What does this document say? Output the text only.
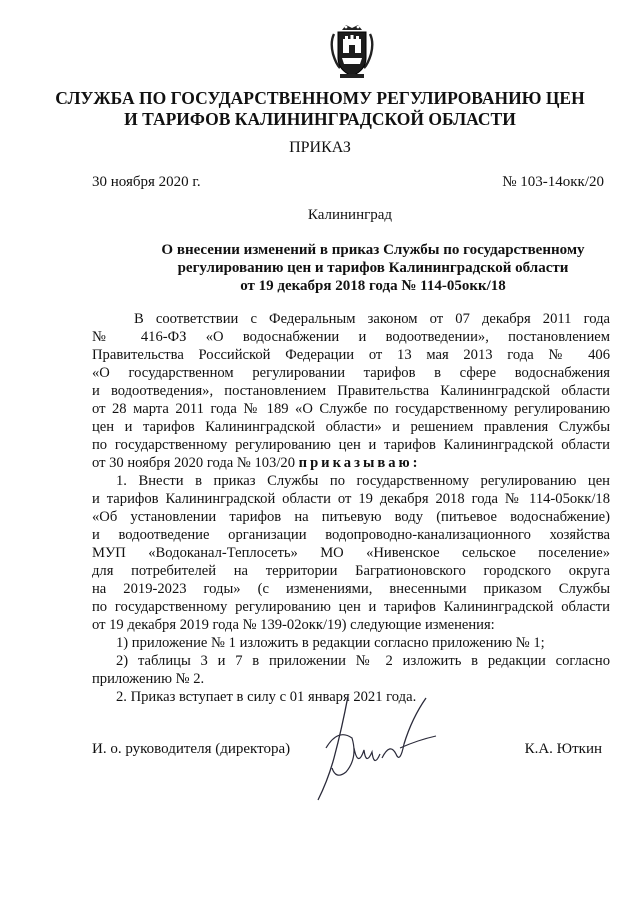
СЛУЖБА ПО ГОСУДАРСТВЕННОМУ РЕГУЛИРОВАНИЮ ЦЕН
И ТАРИФОВ КАЛИНИНГРАДСКОЙ ОБЛАСТИ
ПРИКАЗ
30 ноября 2020 г.	№ 103-14окк/20
Калининград
О внесении изменений в приказ Службы по государственному
регулированию цен и тарифов Калининградской области
от 19 декабря 2018 года № 114-05окк/18
В соответствии с Федеральным законом от 07 декабря 2011 года
№ 416-ФЗ «О водоснабжении и водоотведении», постановлением
Правительства Российской Федерации от 13 мая 2013 года № 406
«О государственном регулировании тарифов в сфере водоснабжения
и водоотведения», постановлением Правительства Калининградской области
от 28 марта 2011 года № 189 «О Службе по государственному регулированию
цен и тарифов Калининградской области» и решением правления Службы
по государственному регулированию цен и тарифов Калининградской области
от 30 ноября 2020 года № 103/20 приказываю:
1. Внести в приказ Службы по государственному регулированию цен
и тарифов Калининградской области от 19 декабря 2018 года № 114-05окк/18
«Об установлении тарифов на питьевую воду (питьевое водоснабжение)
и водоотведение организации водопроводно-канализационного хозяйства
МУП «Водоканал-Теплосеть» МО «Нивенское сельское поселение»
для потребителей на территории Багратионовского городского округа
на 2019-2023 годы» (с изменениями, внесенными приказом Службы
по государственному регулированию цен и тарифов Калининградской области
от 19 декабря 2019 года № 139-02окк/19) следующие изменения:
1) приложение № 1 изложить в редакции согласно приложению № 1;
2) таблицы 3 и 7 в приложении № 2 изложить в редакции согласно
приложению № 2.
2. Приказ вступает в силу с 01 января 2021 года.
И. о. руководителя (директора)	К.А. Юткин
